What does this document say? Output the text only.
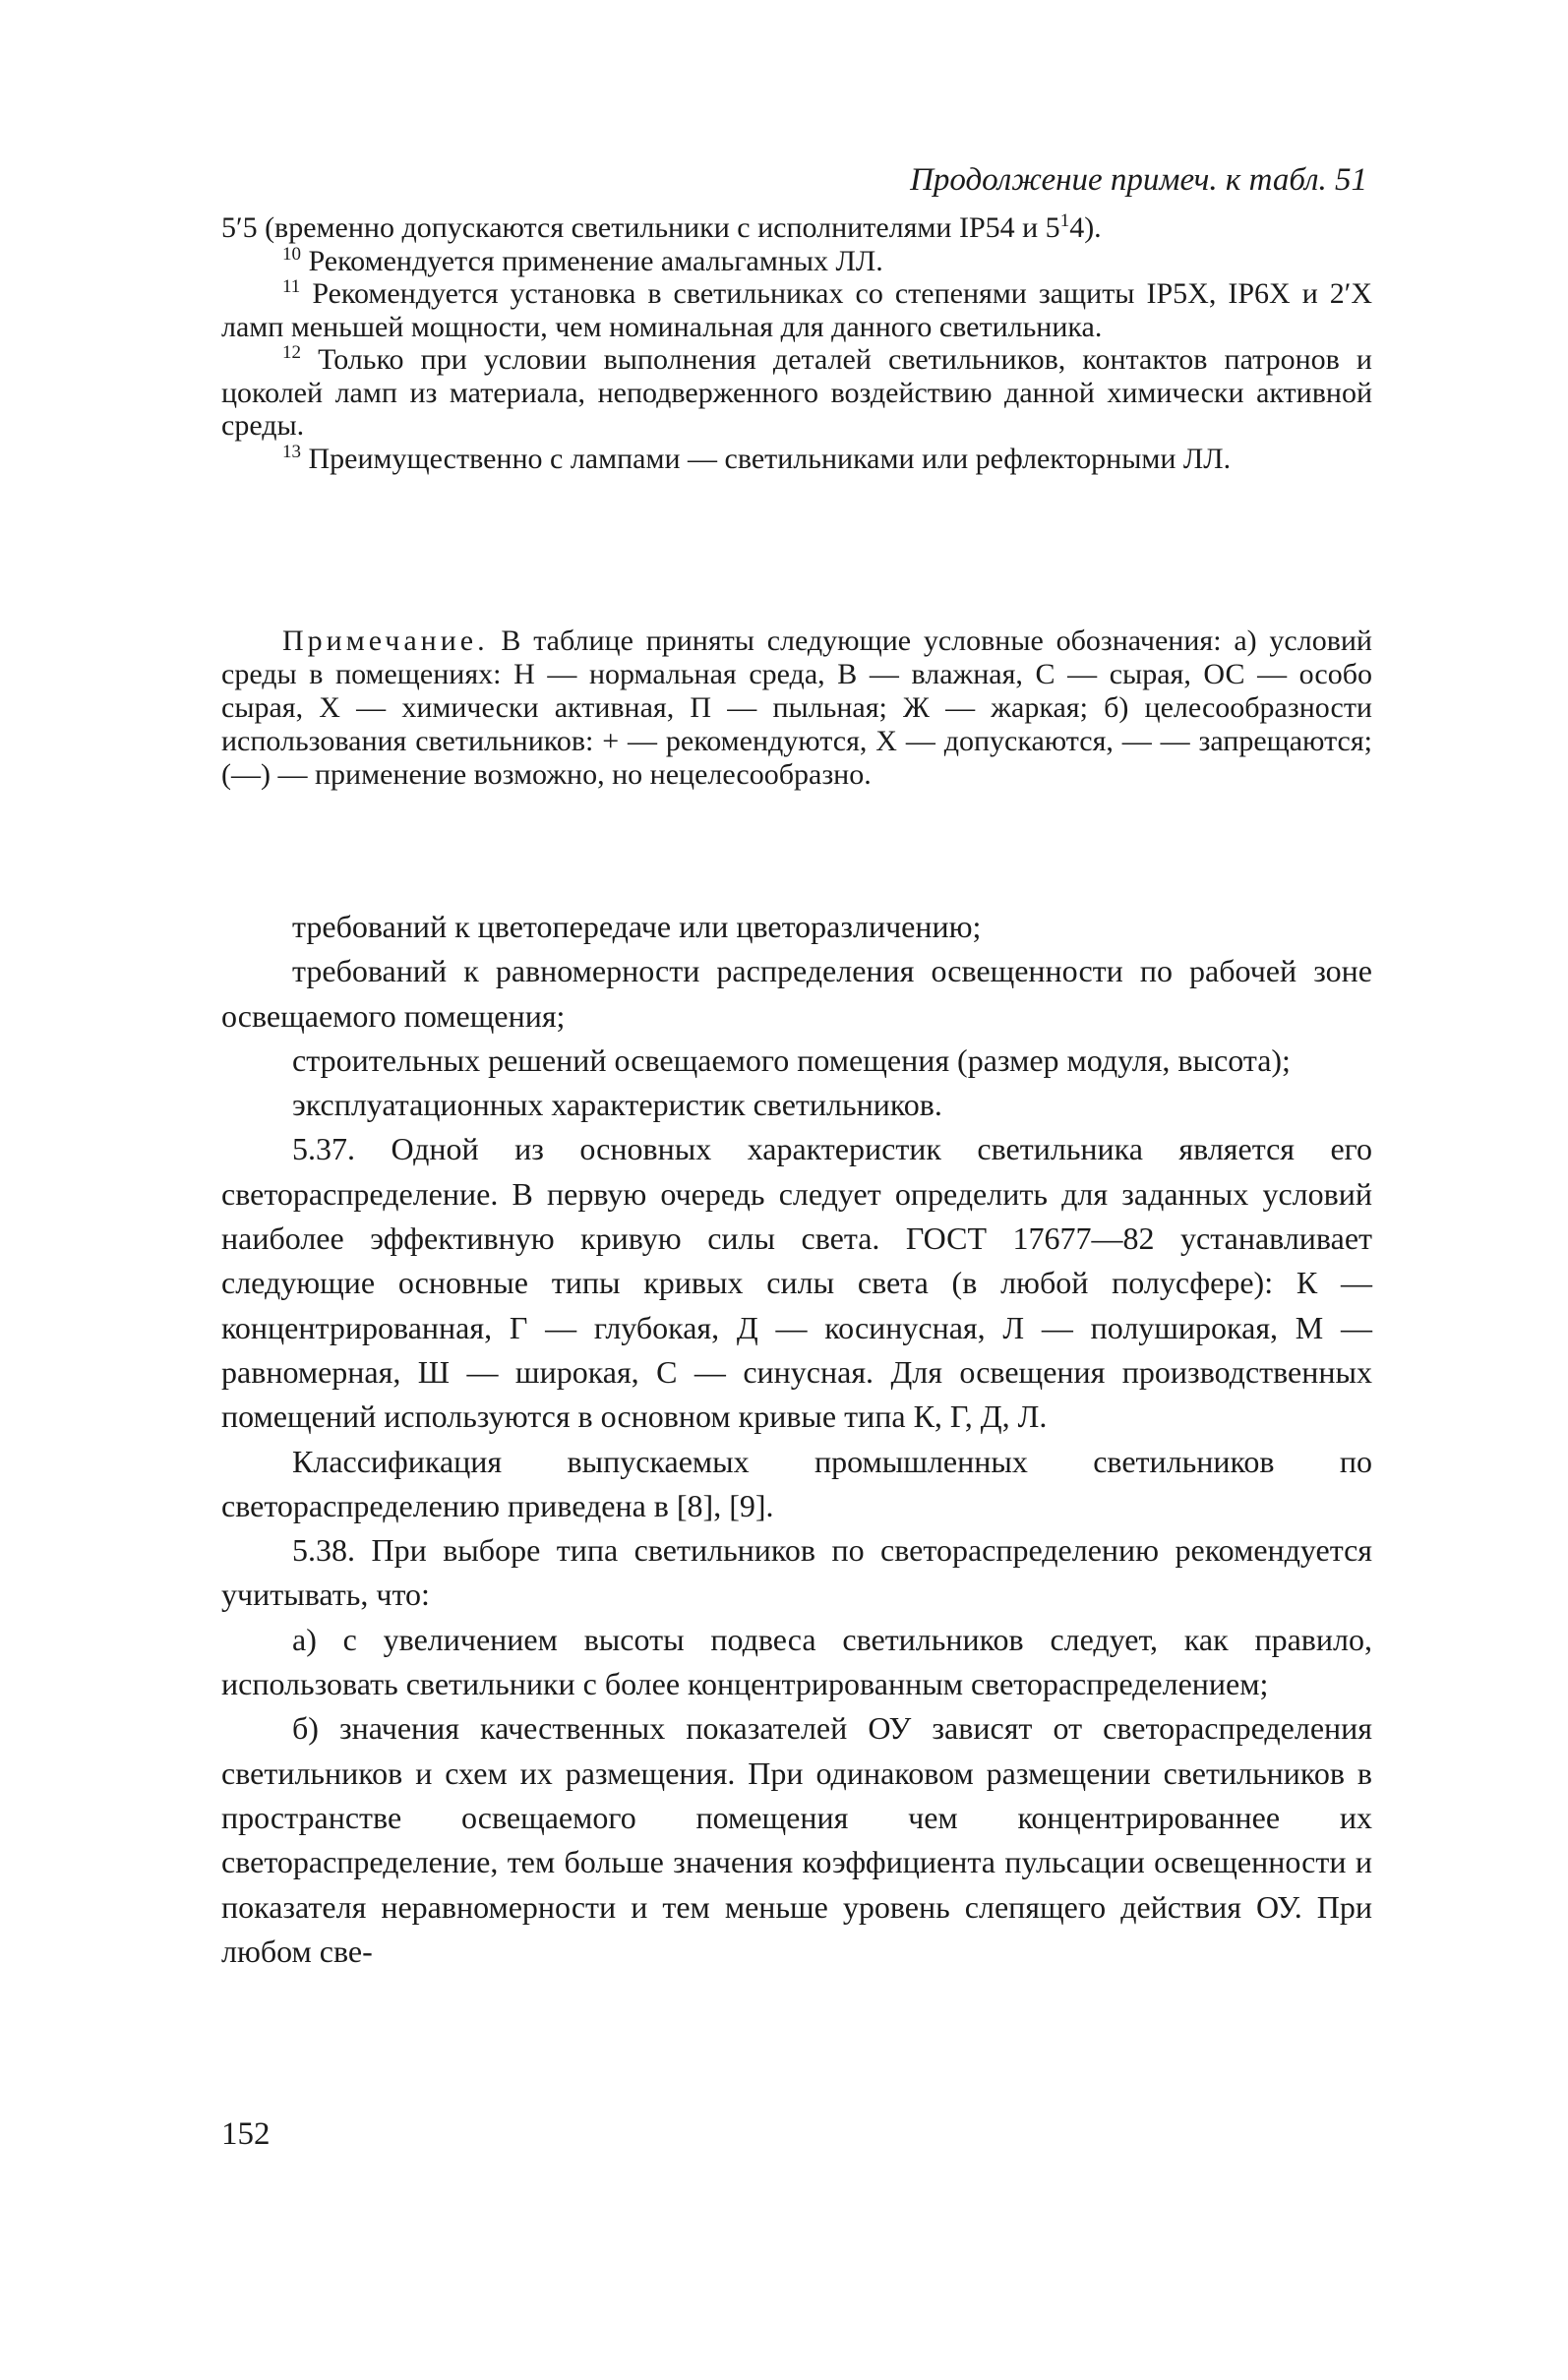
Продолжение примеч. к табл. 51

5′5 (временно допускаются светильники с исполнителями IP54 и $5^14$).

$^{10}$ Рекомендуется применение амальгамных ЛЛ.

$^{11}$ Рекомендуется установка в светильниках со степенями защиты IP5X, IP6X и 2′X ламп меньшей мощности, чем номинальная для данного светильника.

$^{12}$ Только при условии выполнения деталей светильников, контактов патронов и цоколей ламп из материала, неподверженного воздействию данной химически активной среды.

$^{13}$ Преимущественно с лампами — светильниками или рефлекторными ЛЛ.

Примечание. В таблице приняты следующие условные обозначения: а) условий среды в помещениях: Н — нормальная среда, В — влажная, С — сырая, ОС — особо сырая, Х — химически активная, П — пыльная; Ж — жаркая; б) целесообразности использования светильников: + — рекомендуются, Х — допускаются, — — запрещаются; (—) — применение возможно, но нецелесообразно.

требований к цветопередаче или цветоразличению;

требований к равномерности распределения освещенности по рабочей зоне освещаемого помещения;

строительных решений освещаемого помещения (размер модуля, высота);

эксплуатационных характеристик светильников.

5.37. Одной из основных характеристик светильника является его светораспределение. В первую очередь следует определить для заданных условий наиболее эффективную кривую силы света. ГОСТ 17677—82 устанавливает следующие основные типы кривых силы света (в любой полусфере): К — концентрированная, Г — глубокая, Д — косинусная, Л — полуширокая, М — равномерная, Ш — широкая, С — синусная. Для освещения производственных помещений используются в основном кривые типа К, Г, Д, Л.

Классификация выпускаемых промышленных светильников по светораспределению приведена в [8], [9].

5.38. При выборе типа светильников по светораспределению рекомендуется учитывать, что:

а) с увеличением высоты подвеса светильников следует, как правило, использовать светильники с более концентрированным светораспределением;

б) значения качественных показателей ОУ зависят от светораспределения светильников и схем их размещения. При одинаковом размещении светильников в пространстве освещаемого помещения чем концентрированнее их светораспределение, тем больше значения коэффициента пульсации освещенности и показателя неравномерности и тем меньше уровень слепящего действия ОУ. При любом све-

152
